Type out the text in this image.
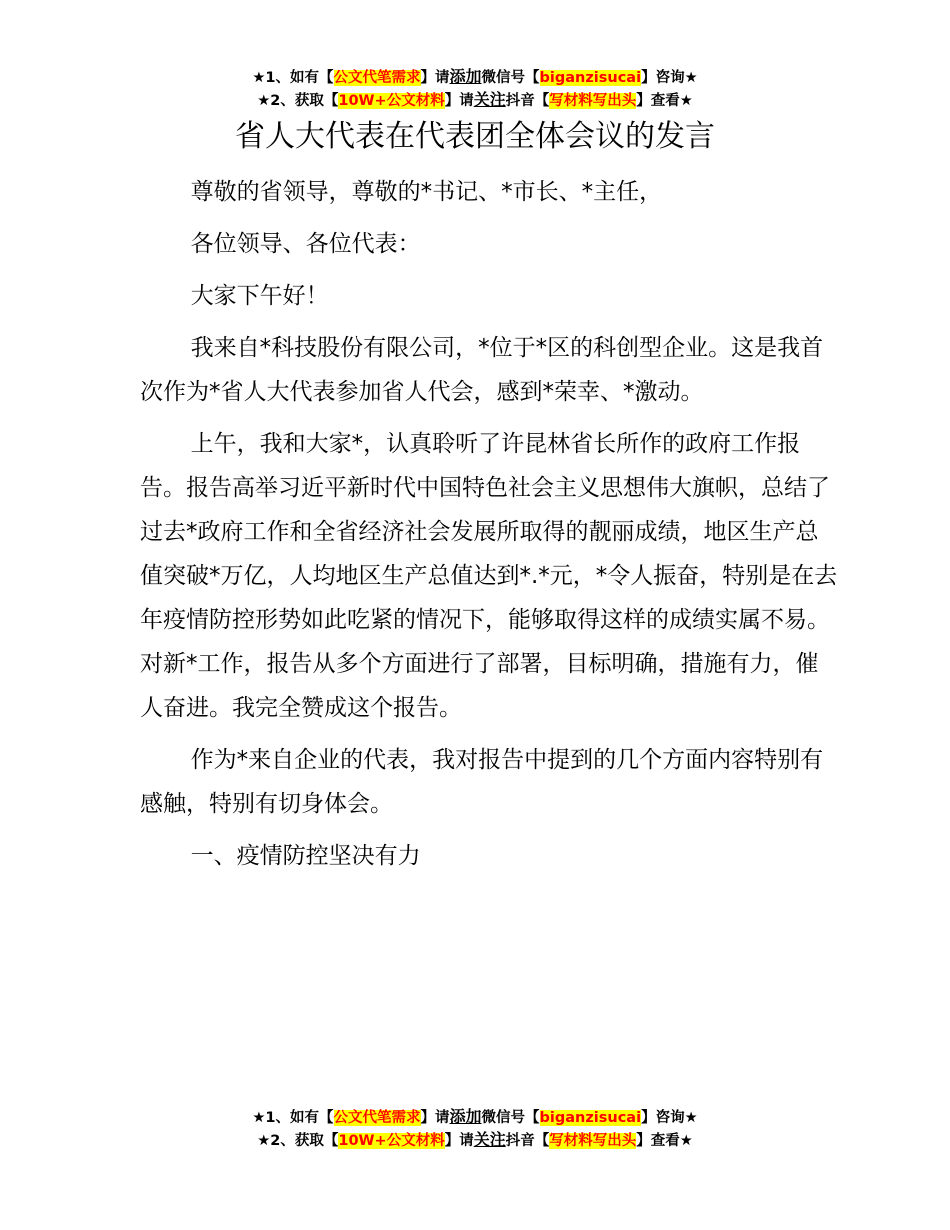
★1、如有【公文代笔需求】请添加微信号【biganzisucai】咨询★
★2、获取【10W+公文材料】请关注抖音【写材料写出头】查看★
省人大代表在代表团全体会议的发言

尊敬的省领导，尊敬的*书记、*市长、*主任，

各位领导、各位代表：

大家下午好！

我来自*科技股份有限公司，*位于*区的科创型企业。这是我首次作为*省人大代表参加省人代会，感到*荣幸、*激动。

上午，我和大家*，认真聆听了许昆林省长所作的政府工作报告。报告高举习近平新时代中国特色社会主义思想伟大旗帜，总结了过去*政府工作和全省经济社会发展所取得的靓丽成绩，地区生产总值突破*万亿，人均地区生产总值达到*.*元，*令人振奋，特别是在去年疫情防控形势如此吃紧的情况下，能够取得这样的成绩实属不易。对新*工作，报告从多个方面进行了部署，目标明确，措施有力，催人奋进。我完全赞成这个报告。

作为*来自企业的代表，我对报告中提到的几个方面内容特别有感触，特别有切身体会。

一、疫情防控坚决有力

★1、如有【公文代笔需求】请添加微信号【biganzisucai】咨询★
★2、获取【10W+公文材料】请关注抖音【写材料写出头】查看★
